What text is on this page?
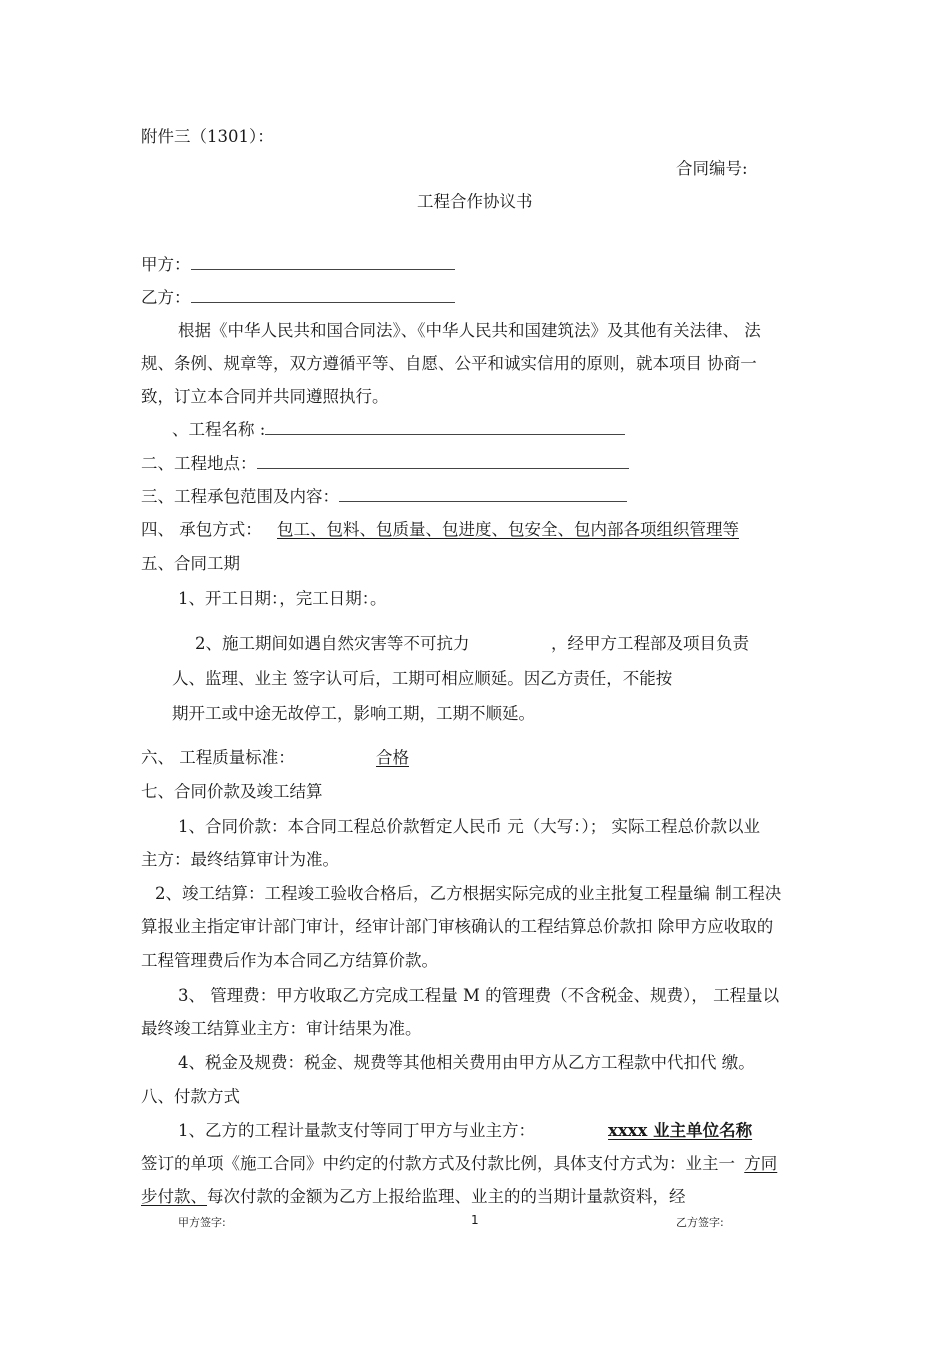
附件三（1301）：
合同编号:
工程合作协议书
甲方：
乙方：
根据《中华人民共和国合同法》、《中华人民共和国建筑法》及其他有关法律、 法
规、条例、规章等，双方遵循平等、自愿、公平和诚实信用的原则，就本项目 协商一
致，订立本合同并共同遵照执行。
、工程名称 :
二、工程地点：
三、工程承包范围及内容：
四、 承包方式： 包工、包料、包质量、包进度、包安全、包内部各项组织管理等
五、合同工期
1、开工日期：，完工日期：。
2、施工期间如遇自然灾害等不可抗力	，经甲方工程部及项目负责
人、监理、业主 签字认可后，工期可相应顺延。因乙方责任，不能按
期开工或中途无故停工，影响工期，工期不顺延。
六、 工程质量标准：	合格
七、合同价款及竣工结算
1、合同价款：本合同工程总价款暂定人民币 元（大写：）； 实际工程总价款以业
主方：最终结算审计为准。
2、竣工结算：工程竣工验收合格后，乙方根据实际完成的业主批复工程量编 制工程决
算报业主指定审计部门审计，经审计部门审核确认的工程结算总价款扣 除甲方应收取的
工程管理费后作为本合同乙方结算价款。
3、 管理费：甲方收取乙方完成工程量 M 的管理费（不含税金、规费）， 工程量以
最终竣工结算业主方：审计结果为准。
4、税金及规费：税金、规费等其他相关费用由甲方从乙方工程款中代扣代 缴。
八、付款方式
1、乙方的工程计量款支付等同丁甲方与业主方：	xxxx 业主单位名称
签订的单项《施工合同》中约定的付款方式及付款比例，具体支付方式为：业主一 方同
步付款、每次付款的金额为乙方上报给监理、业主的的当期计量款资料，经
甲方签字:	1	乙方签字:
